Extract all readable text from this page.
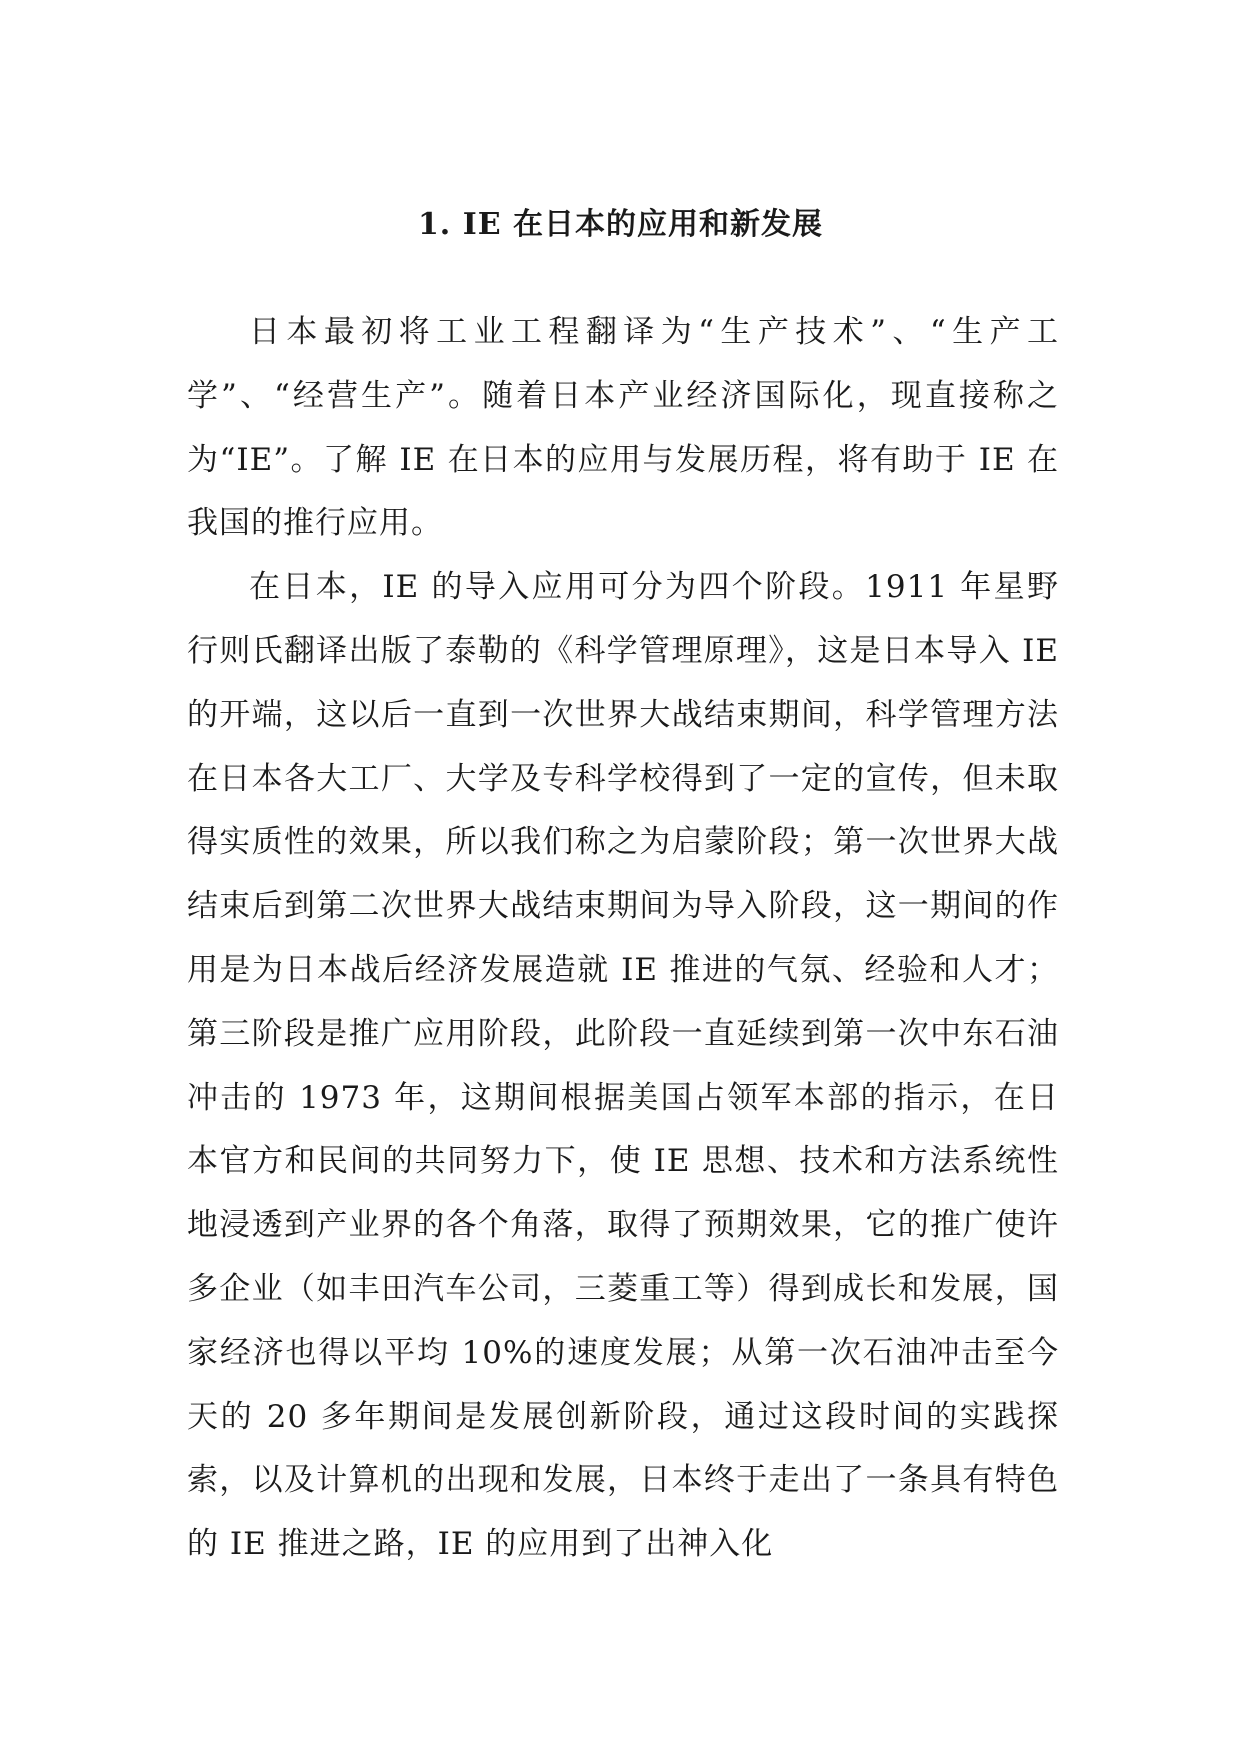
1. IE 在日本的应用和新发展

日本最初将工业工程翻译为“生产技术”、“生产工学”、“经营生产”。随着日本产业经济国际化，现直接称之为“IE”。了解 IE 在日本的应用与发展历程，将有助于 IE 在我国的推行应用。

在日本，IE 的导入应用可分为四个阶段。1911 年星野行则氏翻译出版了泰勒的《科学管理原理》，这是日本导入 IE 的开端，这以后一直到一次世界大战结束期间，科学管理方法在日本各大工厂、大学及专科学校得到了一定的宣传，但未取得实质性的效果，所以我们称之为启蒙阶段；第一次世界大战结束后到第二次世界大战结束期间为导入阶段，这一期间的作用是为日本战后经济发展造就 IE 推进的气氛、经验和人才；第三阶段是推广应用阶段，此阶段一直延续到第一次中东石油冲击的 1973 年，这期间根据美国占领军本部的指示，在日本官方和民间的共同努力下，使 IE 思想、技术和方法系统性地浸透到产业界的各个角落，取得了预期效果，它的推广使许多企业（如丰田汽车公司，三菱重工等）得到成长和发展，国家经济也得以平均 10%的速度发展；从第一次石油冲击至今天的 20 多年期间是发展创新阶段，通过这段时间的实践探索，以及计算机的出现和发展，日本终于走出了一条具有特色的 IE 推进之路，IE 的应用到了出神入化
